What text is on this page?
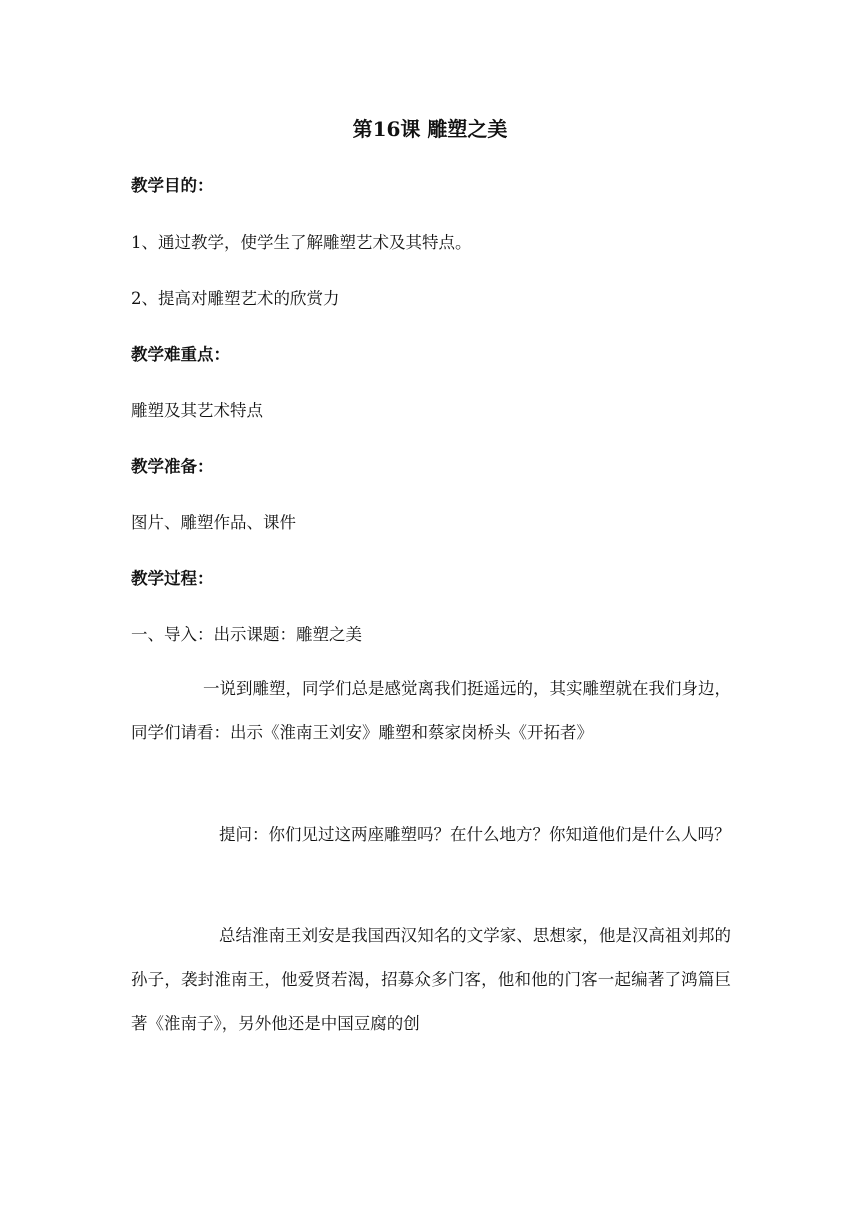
第16课 雕塑之美

教学目的：

1、通过教学，使学生了解雕塑艺术及其特点。

2、提高对雕塑艺术的欣赏力

教学难重点：

雕塑及其艺术特点

教学准备：

图片、雕塑作品、课件

教学过程：

一、导入：出示课题：雕塑之美

一说到雕塑，同学们总是感觉离我们挺遥远的，其实雕塑就在我们身边，同学们请看：出示《淮南王刘安》雕塑和蔡家岗桥头《开拓者》

提问：你们见过这两座雕塑吗？在什么地方？你知道他们是什么人吗？

总结淮南王刘安是我国西汉知名的文学家、思想家，他是汉高祖刘邦的孙子，袭封淮南王，他爱贤若渴，招募众多门客，他和他的门客一起编著了鸿篇巨著《淮南子》，另外他还是中国豆腐的创
